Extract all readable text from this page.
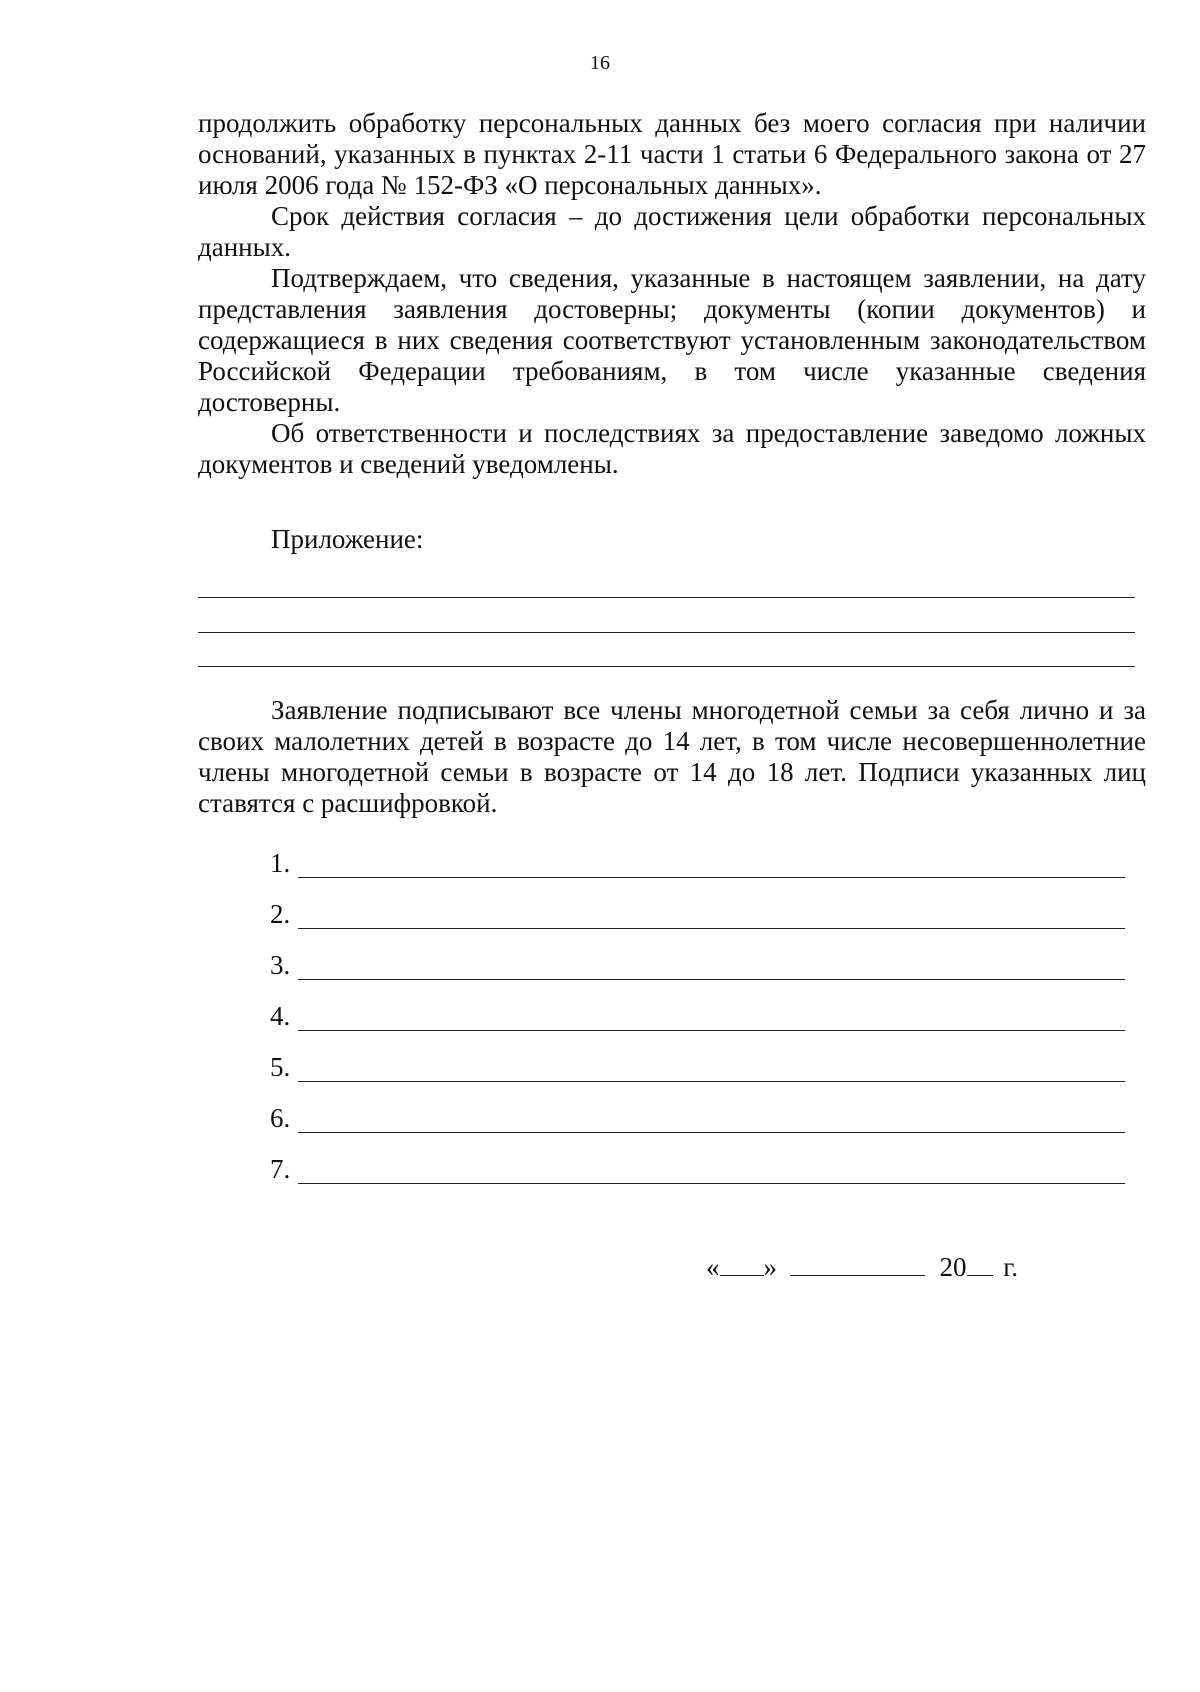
16

продолжить обработку персональных данных без моего согласия при наличии оснований, указанных в пунктах 2-11 части 1 статьи 6 Федерального закона от 27 июля 2006 года № 152-ФЗ «О персональных данных».

Срок действия согласия – до достижения цели обработки персональных данных.

Подтверждаем, что сведения, указанные в настоящем заявлении, на дату представления заявления достоверны; документы (копии документов) и содержащиеся в них сведения соответствуют установленным законодательством Российской Федерации требованиям, в том числе указанные сведения достоверны.

Об ответственности и последствиях за предоставление заведомо ложных документов и сведений уведомлены.

Приложение:

Заявление подписывают все члены многодетной семьи за себя лично и за своих малолетних детей в возрасте до 14 лет, в том числе несовершеннолетние члены многодетной семьи в возрасте от 14 до 18 лет. Подписи указанных лиц ставятся с расшифровкой.

1.
2.
3.
4.
5.
6.
7.
« »	20 г.
